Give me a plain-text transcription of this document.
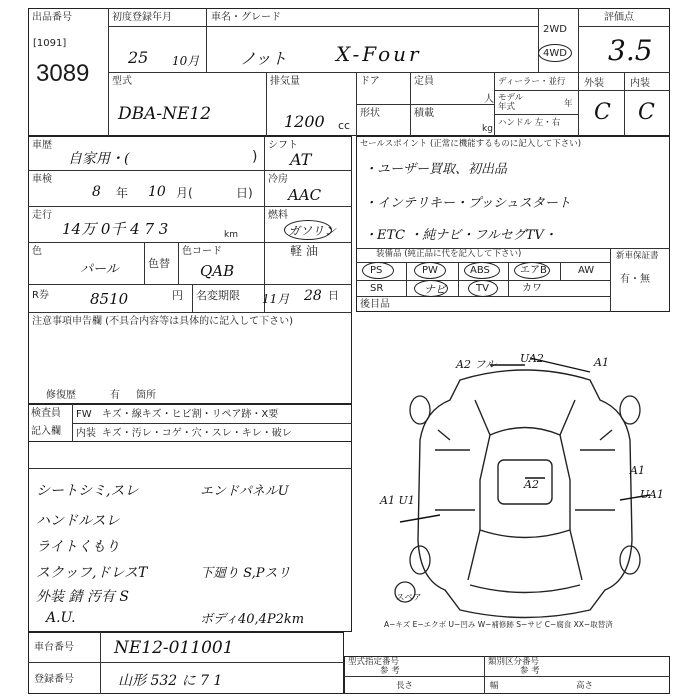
出品番号
[1091]
3089
初度登録年月
25 10月
車名・グレード
ノット X-Four
2WD
4WD
評価点
3.5
型式
DBA-NE12
排気量
1200 cc
ドア	定員
人
形状	積載
kg
ディーラー・並行
モデル年式	年
ハンドル 左・右
外装	内装
C C
車歴
自家用・(	)
シフト
AT
車検
8 年 10 月(	日)
冷房
AAC
走行
14万 0千 4 7 3	km
燃料
ガソリン
軽 油
色
パール	色替
色コード
QAB
R券	8510	円 名変期限 11月 28 日
注意事項申告欄 (不具合内容等は具体的に記入して下さい)
修復歴	有 箇所
セールスポイント (正常に機能するものに記入して下さい)
・ユーザー買取、初出品
・インテリキー・プッシュスタート
・ETC ・純ナビ・フルセグTV・
装備品 (純正品に代を記入して下さい)	新車保証書
有・無
PS	PW	ABS	エアB	AW
SR	ナビ	TV	カワ
後目品
検査員
記入欄
FW キズ・線キズ・ヒビ割・リペア跡・X要
内装 キズ・汚レ・コゲ・穴・スレ・キレ・破レ
シートシミ,スレ
ハンドルスレ
ライトくもり
スクッフ,ドレスT
外装 錆 汚有 S
A.U.
エンドパネルU
下廻り S,Pスリ
ボディ40,4P2km
A2 フル UA2	A1
A2
A1 U1	UA1
A1
スペア
A−キズ E−エクボ U−凹み W−補修跡 S−サビ C−腐食 XX−取替済
車台番号 NE12-011001
登録番号	山形 532 に 7 1
型式指定番号
参 考
類別区分番号
参 考
長さ	幅	高さ
